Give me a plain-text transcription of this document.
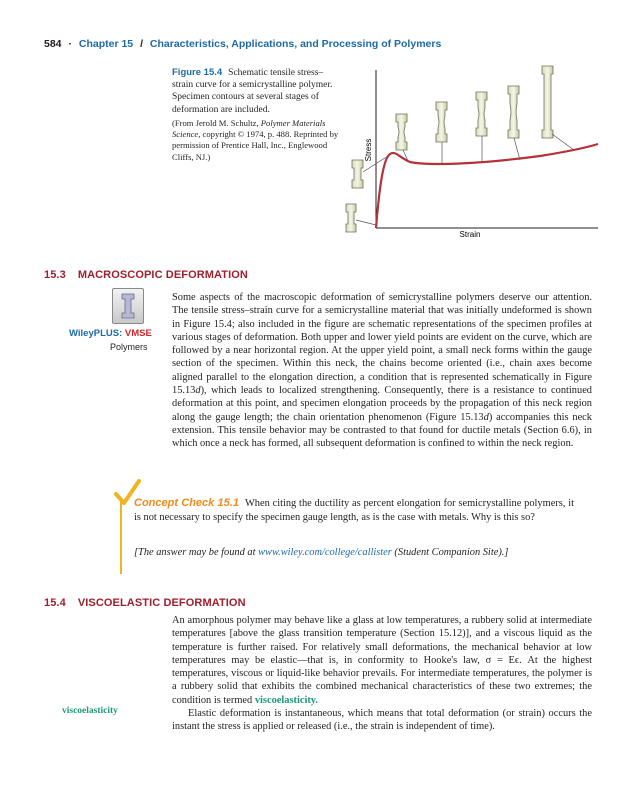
584 · Chapter 15 / Characteristics, Applications, and Processing of Polymers
Figure 15.4 Schematic tensile stress–strain curve for a semicrystalline polymer. Specimen contours at several stages of deformation are included.
(From Jerold M. Schultz, Polymer Materials Science, copyright © 1974, p. 488. Reprinted by permission of Prentice Hall, Inc., Englewood Cliffs, NJ.)	Stress
Strain
15.3 MACROSCOPIC DEFORMATION
WileyPLUS: VMSE
Polymers

Some aspects of the macroscopic deformation of semicrystalline polymers deserve our attention. The tensile stress–strain curve for a semicrystalline material that was initially undeformed is shown in Figure 15.4; also included in the figure are schematic representations of the specimen profiles at various stages of deformation. Both upper and lower yield points are evident on the curve, which are followed by a near horizontal region. At the upper yield point, a small neck forms within the gauge section of the specimen. Within this neck, the chains become oriented (i.e., chain axes become aligned parallel to the elongation direction, a condition that is represented schematically in Figure 15.13d), which leads to localized strengthening. Consequently, there is a resistance to continued deformation at this point, and specimen elongation proceeds by the propagation of this neck region along the gauge length; the chain orientation phenomenon (Figure 15.13d) accompanies this neck extension. This tensile behavior may be contrasted to that found for ductile metals (Section 6.6), in which once a neck has formed, all subsequent deformation is confined to within the neck region.

Concept Check 15.1 When citing the ductility as percent elongation for semicrystalline polymers, it is not necessary to specify the specimen gauge length, as is the case with metals. Why is this so?
[The answer may be found at www.wiley.com/college/callister (Student Companion Site).]
15.4 VISCOELASTIC DEFORMATION
viscoelasticity

An amorphous polymer may behave like a glass at low temperatures, a rubbery solid at intermediate temperatures [above the glass transition temperature (Section 15.12)], and a viscous liquid as the temperature is further raised. For relatively small deformations, the mechanical behavior at low temperatures may be elastic—that is, in conformity to Hooke's law, σ = Eϵ. At the highest temperatures, viscous or liquid-like behavior prevails. For intermediate temperatures, the polymer is a rubbery solid that exhibits the combined mechanical characteristics of these two extremes; the condition is termed viscoelasticity.

Elastic deformation is instantaneous, which means that total deformation (or strain) occurs the instant the stress is applied or released (i.e., the strain is independent of time).
